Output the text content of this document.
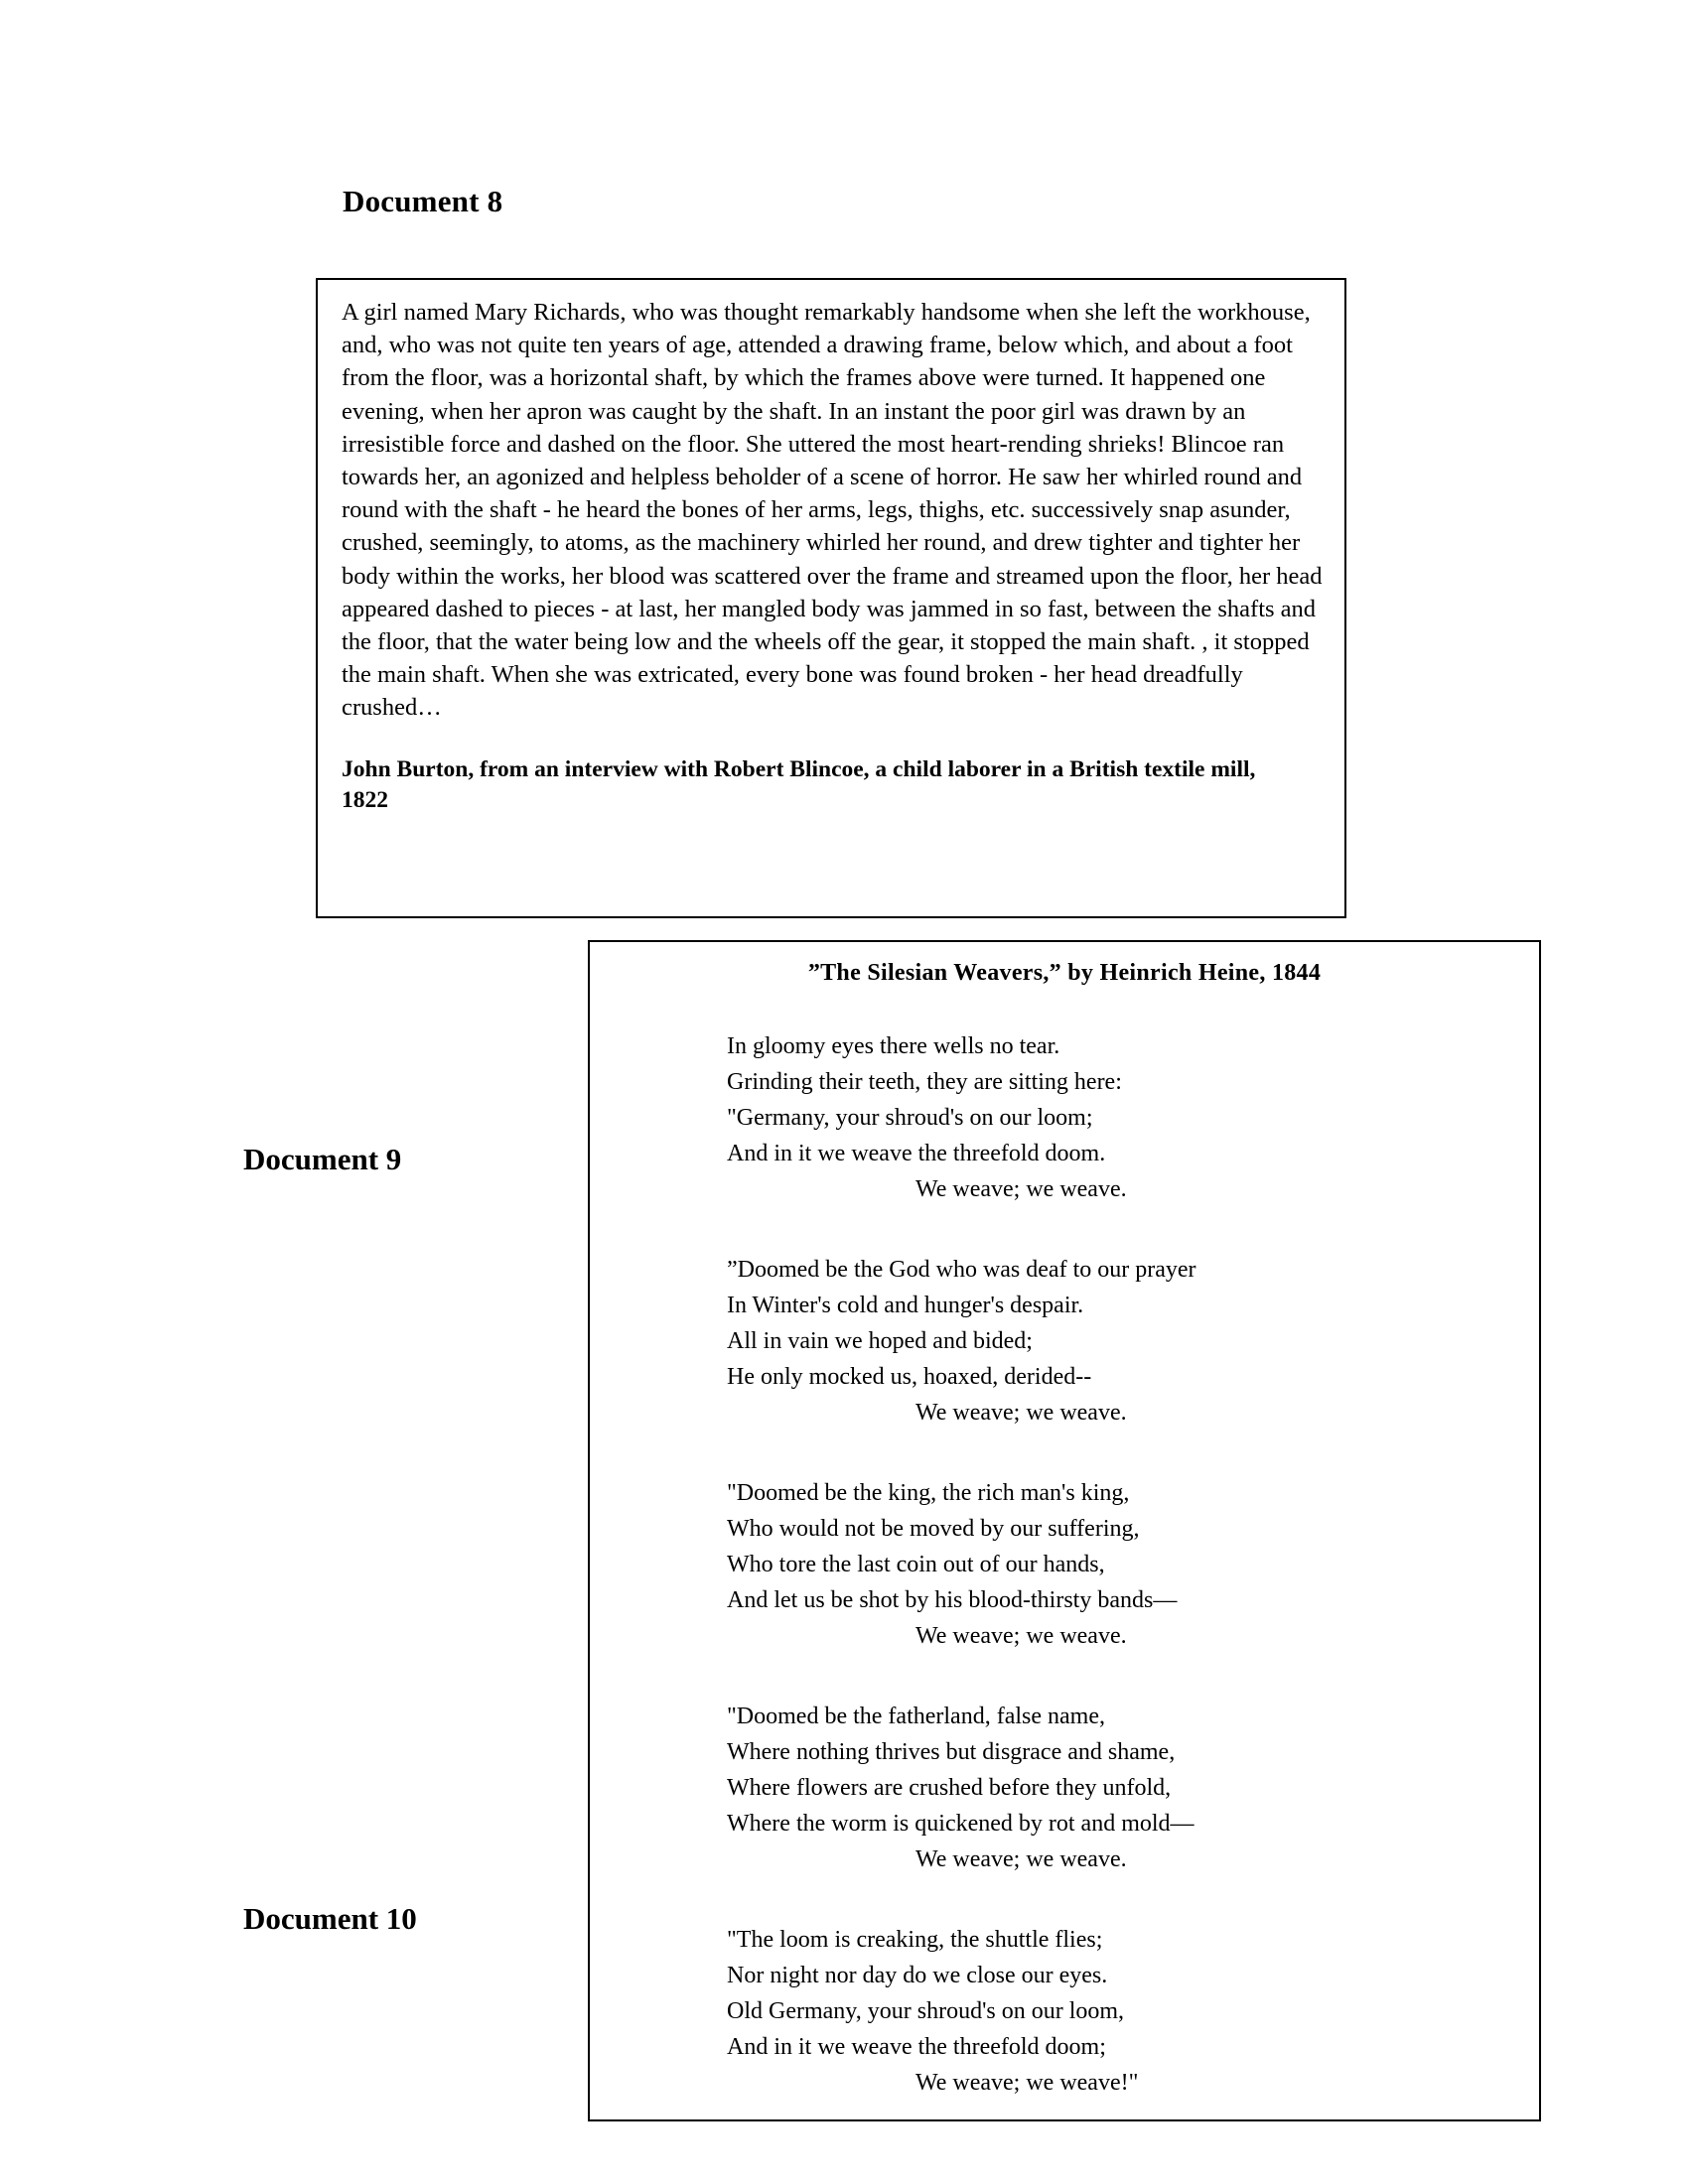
Document 8
A girl named Mary Richards, who was thought remarkably handsome when she left the workhouse, and, who was not quite ten years of age, attended a drawing frame, below which, and about a foot from the floor, was a horizontal shaft, by which the frames above were turned. It happened one evening, when her apron was caught by the shaft. In an instant the poor girl was drawn by an irresistible force and dashed on the floor. She uttered the most heart-rending shrieks! Blincoe ran towards her, an agonized and helpless beholder of a scene of horror. He saw her whirled round and round with the shaft - he heard the bones of her arms, legs, thighs, etc. successively snap asunder, crushed, seemingly, to atoms, as the machinery whirled her round, and drew tighter and tighter her body within the works, her blood was scattered over the frame and streamed upon the floor, her head appeared dashed to pieces - at last, her mangled body was jammed in so fast, between the shafts and the floor, that the water being low and the wheels off the gear, it stopped the main shaft. , it stopped the main shaft. When she was extricated, every bone was found broken - her head dreadfully crushed…
John Burton, from an interview with Robert Blincoe, a child laborer in a British textile mill, 1822
Document 9
Document 10
”The Silesian Weavers,” by Heinrich Heine, 1844
In gloomy eyes there wells no tear.
Grinding their teeth, they are sitting here:
"Germany, your shroud's on our loom;
And in it we weave the threefold doom.
We weave; we weave.
”Doomed be the God who was deaf to our prayer
In Winter's cold and hunger's despair.
All in vain we hoped and bided;
He only mocked us, hoaxed, derided--
We weave; we weave.
"Doomed be the king, the rich man's king,
Who would not be moved by our suffering,
Who tore the last coin out of our hands,
And let us be shot by his blood-thirsty bands—
We weave; we weave.
"Doomed be the fatherland, false name,
Where nothing thrives but disgrace and shame,
Where flowers are crushed before they unfold,
Where the worm is quickened by rot and mold—
We weave; we weave.
"The loom is creaking, the shuttle flies;
Nor night nor day do we close our eyes.
Old Germany, your shroud's on our loom,
And in it we weave the threefold doom;
We weave; we weave!"
